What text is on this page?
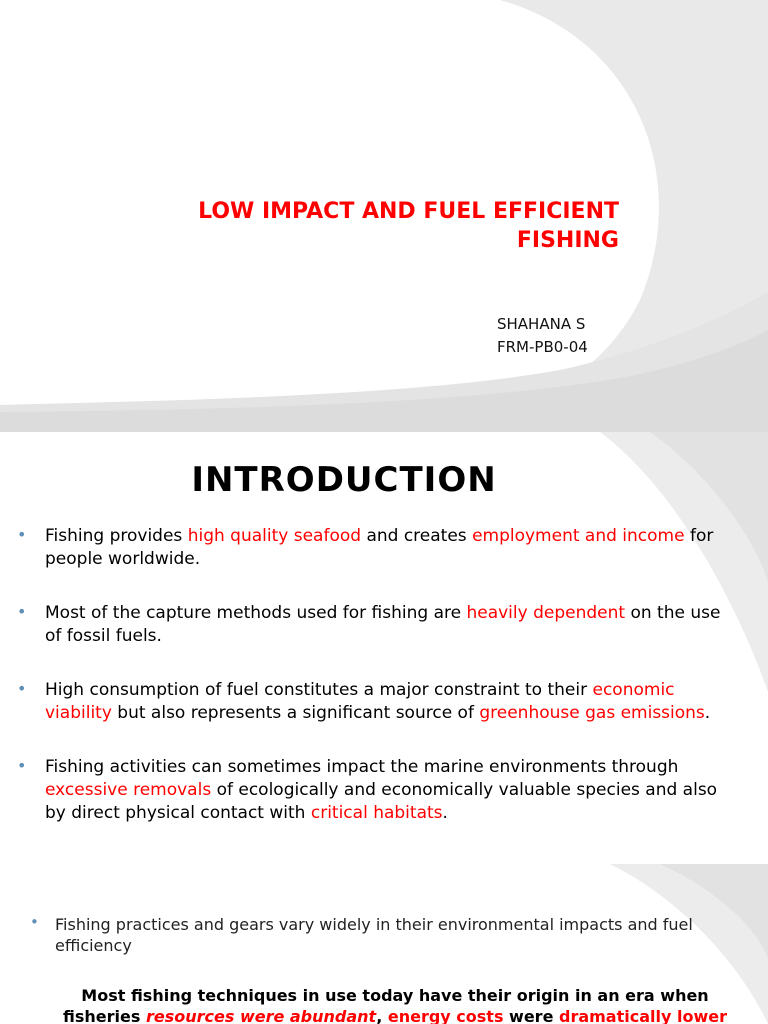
LOW IMPACT AND FUEL EFFICIENT
FISHING
SHAHANA S
FRM-PB0-04
INTRODUCTION
• Fishing provides high quality seafood and creates employment and income for people worldwide.
• Most of the capture methods used for fishing are heavily dependent on the use of fossil fuels.
• High consumption of fuel constitutes a major constraint to their economic viability but also represents a significant source of greenhouse gas emissions.
• Fishing activities can sometimes impact the marine environments through excessive removals of ecologically and economically valuable species and also by direct physical contact with critical habitats.
• Fishing practices and gears vary widely in their environmental impacts and fuel efficiency
Most fishing techniques in use today have their origin in an era when
fisheries resources were abundant, energy costs were dramatically lower
